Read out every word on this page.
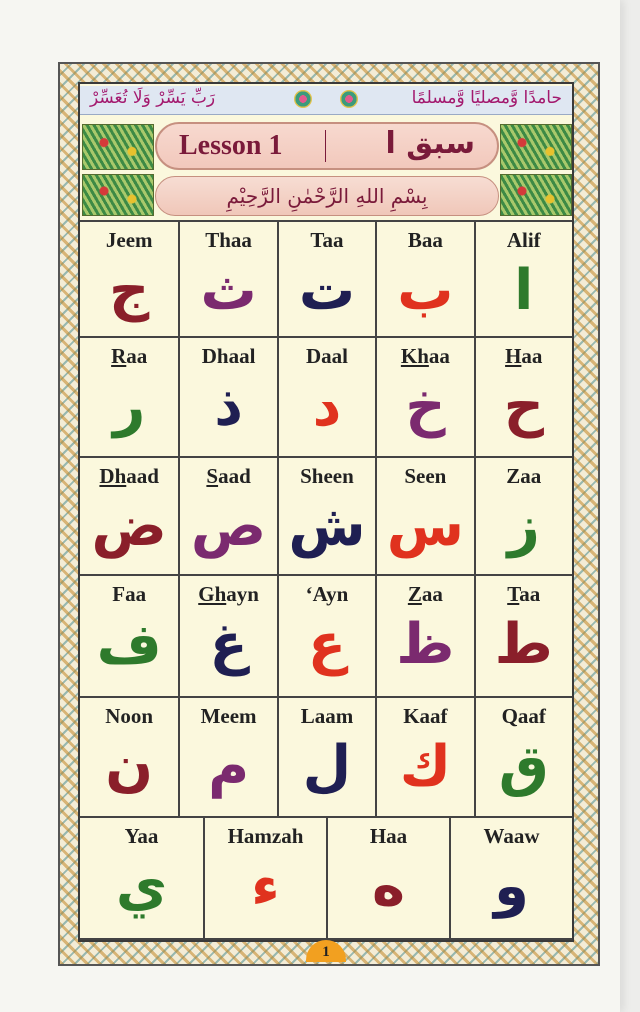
رَبِّ يَسِّرْ وَلَا تُعَسِّرْ	حامدًا وَّمصليًا وَّمسلمًا
Lesson 1	سبق ا
بِسْمِ اللهِ الرَّحْمٰنِ الرَّحِيْمِ
Jeem
ج
Thaa
ث
Taa
ت
Baa
ب
Alif
ا
Raa
ر
Dhaal
ذ
Daal
د
Khaa
خ
Haa
ح
Dhaad
ض
Saad
ص
Sheen
ش
Seen
س
Zaa
ز
Faa
ف
Ghayn
غ
‘Ayn
ع
Zaa
ظ
Taa
ط
Noon
ن
Meem
م
Laam
ل
Kaaf
ك
Qaaf
ق
Yaa
ي
Hamzah
ء
Haa
ه
Waaw
و
1
